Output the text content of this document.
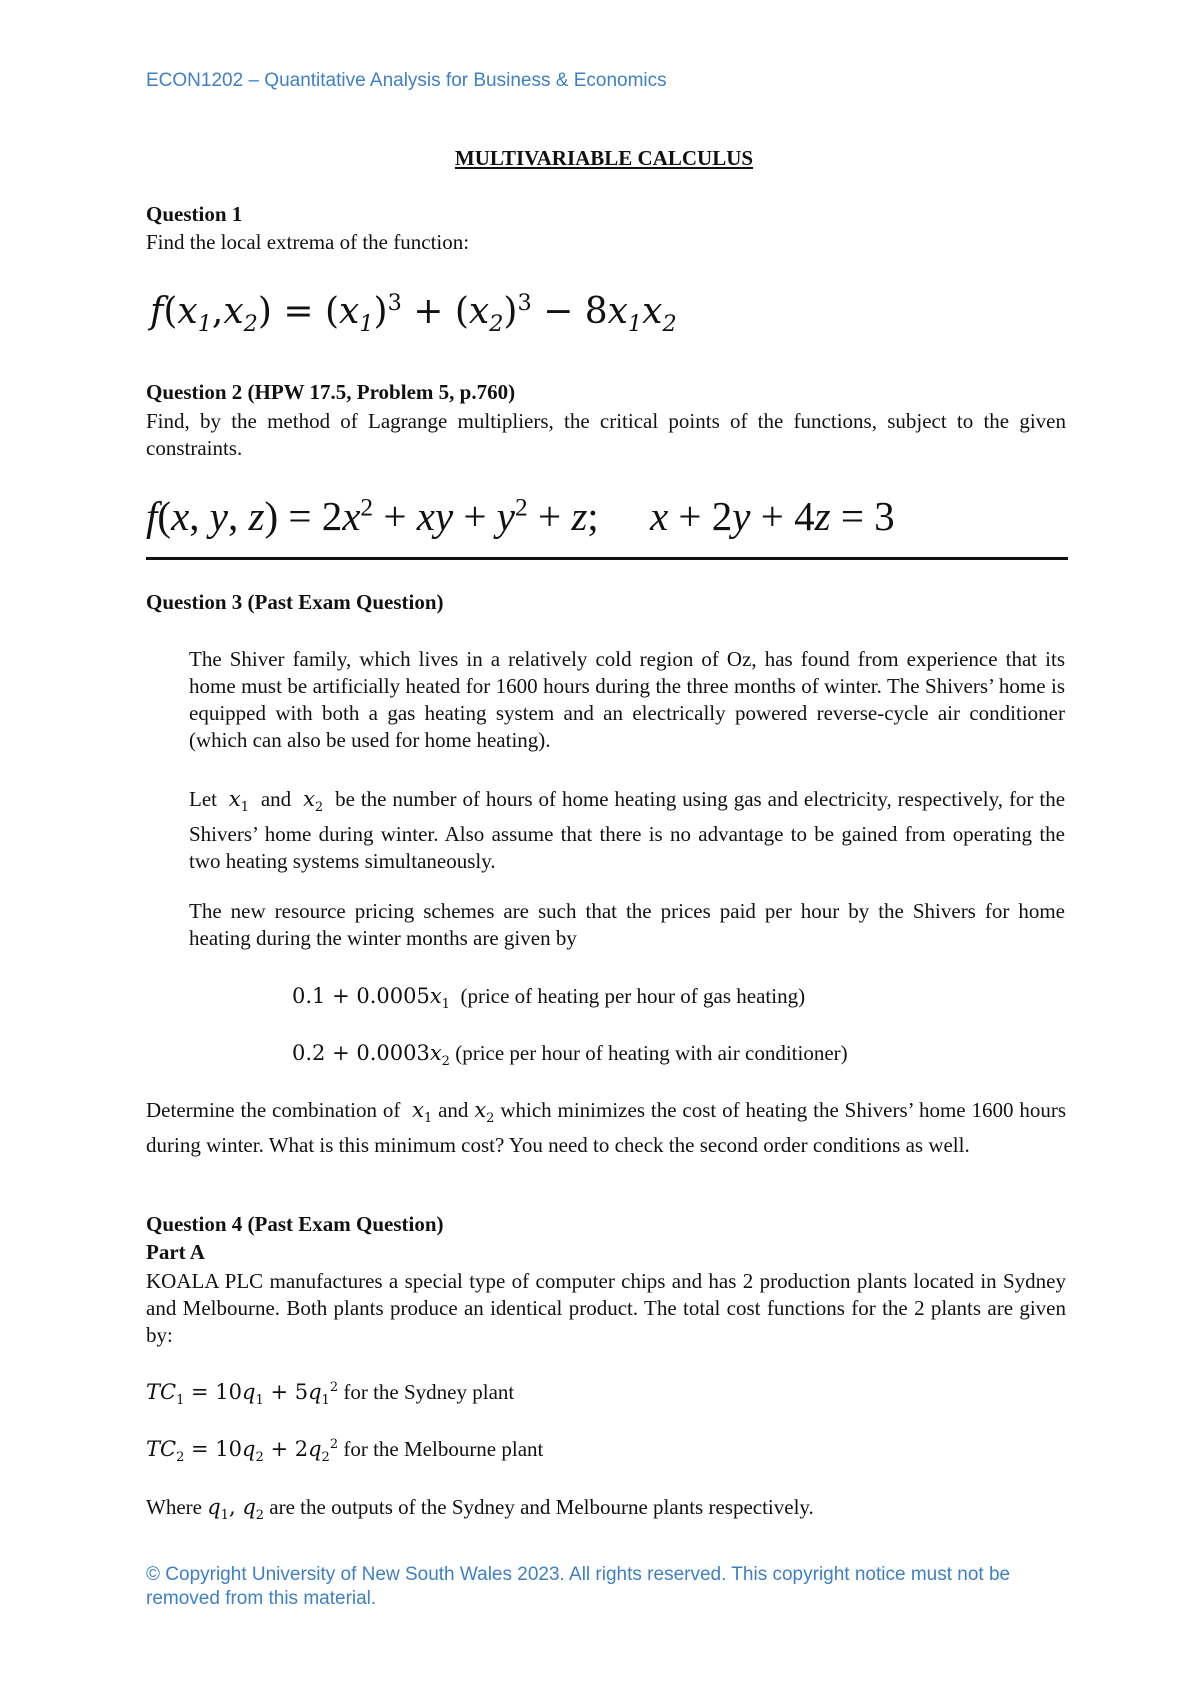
ECON1202 – Quantitative Analysis for Business & Economics
MULTIVARIABLE CALCULUS
Question 1
Find the local extrema of the function:
$f(x_1,x_2) = (x_1)^3 + (x_2)^3 - 8x_1x_2$
Question 2 (HPW 17.5, Problem 5, p.760)
Find, by the method of Lagrange multipliers, the critical points of the functions, subject to the given constraints.
f(x, y, $z) = 2x^2$ + xy + $y^2 + z$;     x + 2y + 4z = 3
Question 3 (Past Exam Question)
The Shiver family, which lives in a relatively cold region of Oz, has found from experience that its home must be artificially heated for 1600 hours during the three months of winter. The Shivers’ home is equipped with both a gas heating system and an electrically powered reverse-cycle air conditioner (which can also be used for home heating).
Let $x_1$ and $x_2$ be the number of hours of home heating using gas and electricity, respectively, for the Shivers’ home during winter. Also assume that there is no advantage to be gained from operating the two heating systems simultaneously.
The new resource pricing schemes are such that the prices paid per hour by the Shivers for home heating during the winter months are given by
$0.1 + 0.0005x_1$ (price of heating per hour of gas heating)
$0.2 + 0.0003x_2$ (price per hour of heating with air conditioner)
Determine the combination of $x_1$ and $x_2$ which minimizes the cost of heating the Shivers’ home 1600 hours during winter. What is this minimum cost? You need to check the second order conditions as well.
Question 4 (Past Exam Question)
Part A
KOALA PLC manufactures a special type of computer chips and has 2 production plants located in Sydney and Melbourne. Both plants produce an identical product. The total cost functions for the 2 plants are given by:
$TC_1 = 10q_1 + 5q_1^2$ for the Sydney plant
$TC_2 = 10q_2 + 2q_2^2$ for the Melbourne plant
Where $q_1$, $q_2$ are the outputs of the Sydney and Melbourne plants respectively.
© Copyright University of New South Wales 2023. All rights reserved. This copyright notice must not be removed from this material.
